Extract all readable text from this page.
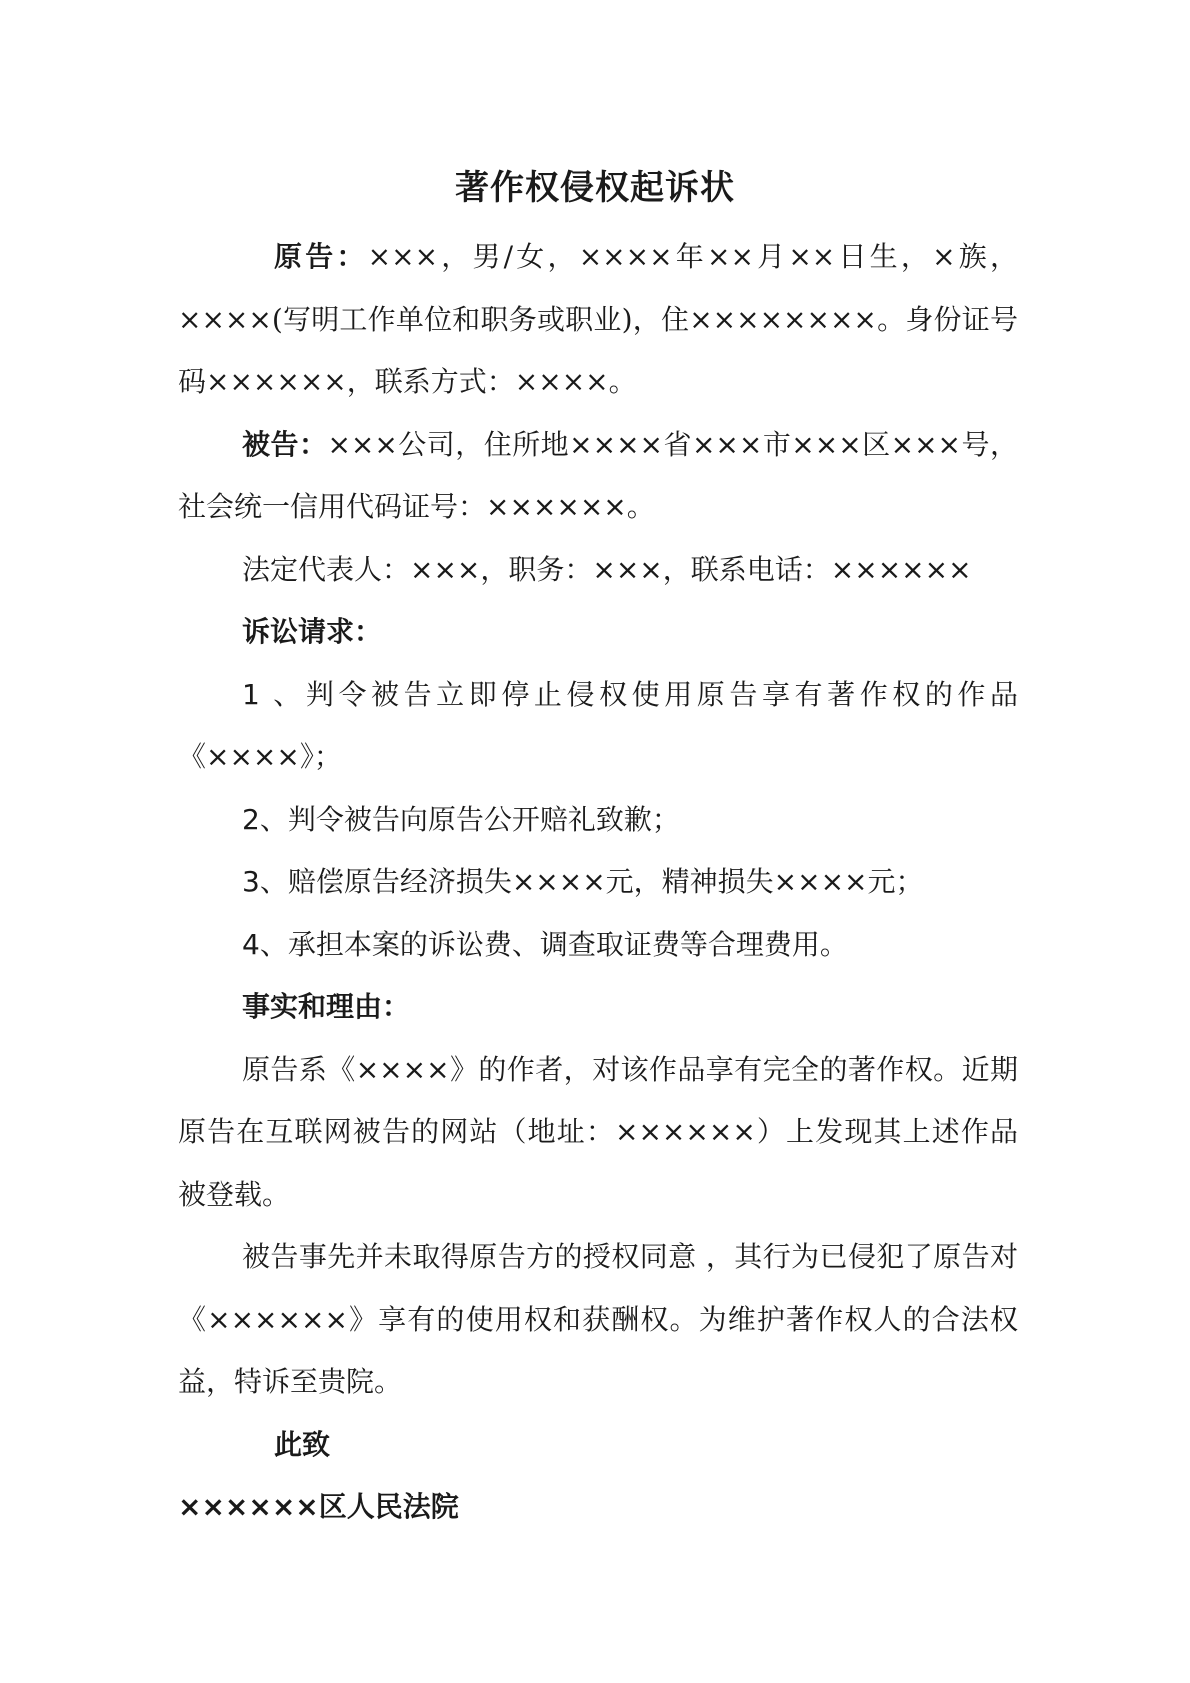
著作权侵权起诉状

原告：×××，男/女，××××年××月××日生，×族，××××(写明工作单位和职务或职业)，住××××××××。身份证号码××××××，联系方式：××××。

被告：×××公司，住所地××××省×××市×××区×××号，社会统一信用代码证号：××××××。

法定代表人：×××，职务：×××，联系电话：××××××

诉讼请求：

1 、判令被告立即停止侵权使用原告享有著作权的作品《××××》；

2、判令被告向原告公开赔礼致歉；

3、赔偿原告经济损失××××元，精神损失××××元；

4、承担本案的诉讼费、调查取证费等合理费用。

事实和理由：

原告系《××××》的作者，对该作品享有完全的著作权。近期原告在互联网被告的网站（地址：××××××）上发现其上述作品被登载。

被告事先并未取得原告方的授权同意 ，其行为已侵犯了原告对 《××××××》享有的使用权和获酬权。为维护著作权人的合法权益，特诉至贵院。

此致

××××××区人民法院
